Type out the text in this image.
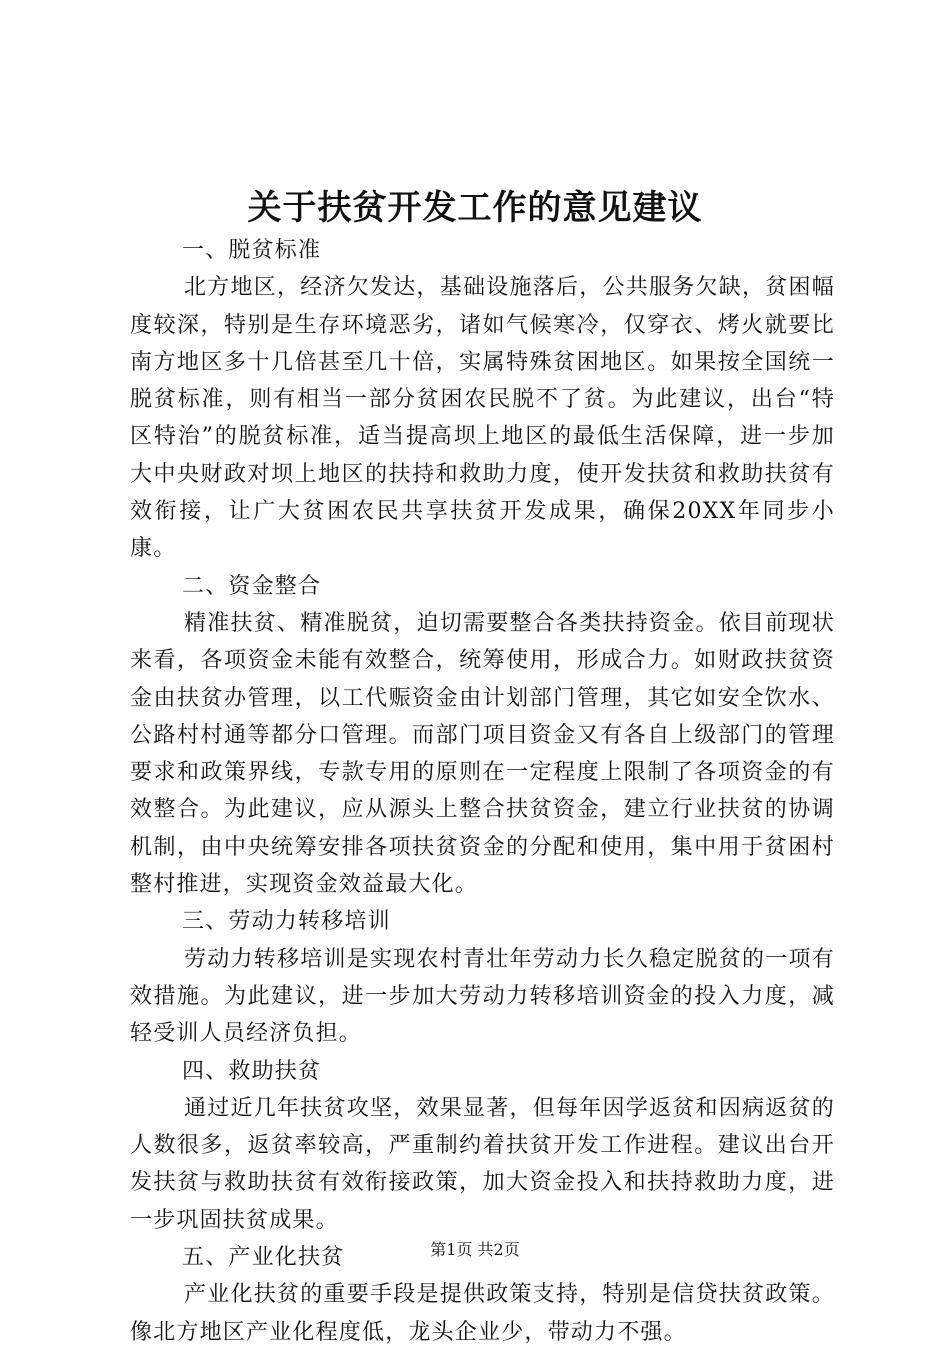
关于扶贫开发工作的意见建议

一、脱贫标准

北方地区，经济欠发达，基础设施落后，公共服务欠缺，贫困幅度较深，特别是生存环境恶劣，诸如气候寒冷，仅穿衣、烤火就要比南方地区多十几倍甚至几十倍，实属特殊贫困地区。如果按全国统一脱贫标准，则有相当一部分贫困农民脱不了贫。为此建议，出台“特区特治”的脱贫标准，适当提高坝上地区的最低生活保障，进一步加大中央财政对坝上地区的扶持和救助力度，使开发扶贫和救助扶贫有效衔接，让广大贫困农民共享扶贫开发成果，确保20XX年同步小康。

二、资金整合

精准扶贫、精准脱贫，迫切需要整合各类扶持资金。依目前现状来看，各项资金未能有效整合，统筹使用，形成合力。如财政扶贫资金由扶贫办管理，以工代赈资金由计划部门管理，其它如安全饮水、公路村村通等都分口管理。而部门项目资金又有各自上级部门的管理要求和政策界线，专款专用的原则在一定程度上限制了各项资金的有效整合。为此建议，应从源头上整合扶贫资金，建立行业扶贫的协调机制，由中央统筹安排各项扶贫资金的分配和使用，集中用于贫困村整村推进，实现资金效益最大化。

三、劳动力转移培训

劳动力转移培训是实现农村青壮年劳动力长久稳定脱贫的一项有效措施。为此建议，进一步加大劳动力转移培训资金的投入力度，减轻受训人员经济负担。

四、救助扶贫

通过近几年扶贫攻坚，效果显著，但每年因学返贫和因病返贫的人数很多，返贫率较高，严重制约着扶贫开发工作进程。建议出台开发扶贫与救助扶贫有效衔接政策，加大资金投入和扶持救助力度，进一步巩固扶贫成果。

五、产业化扶贫

产业化扶贫的重要手段是提供政策支持，特别是信贷扶贫政策。像北方地区产业化程度低，龙头企业少，带动力不强。

第1页 共2页
